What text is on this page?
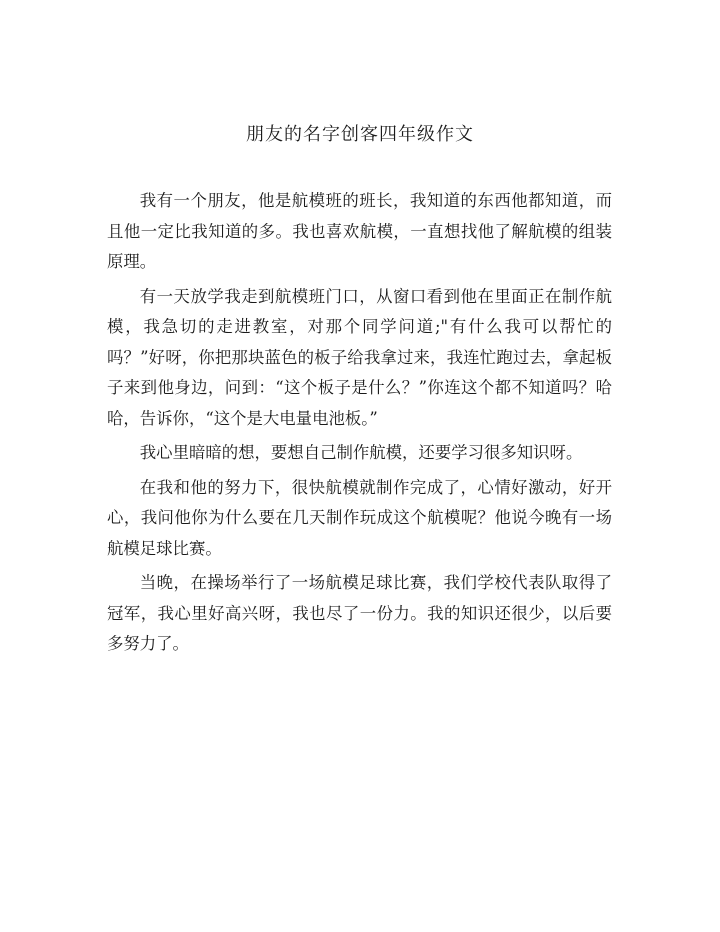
朋友的名字创客四年级作文

我有一个朋友，他是航模班的班长，我知道的东西他都知道，而且他一定比我知道的多。我也喜欢航模，一直想找他了解航模的组装原理。

有一天放学我走到航模班门口，从窗口看到他在里面正在制作航模，我急切的走进教室，对那个同学问道;"有什么我可以帮忙的吗？”好呀，你把那块蓝色的板子给我拿过来，我连忙跑过去，拿起板子来到他身边，问到：“这个板子是什么？”你连这个都不知道吗？哈哈，告诉你，“这个是大电量电池板。”

我心里暗暗的想，要想自己制作航模，还要学习很多知识呀。

在我和他的努力下，很快航模就制作完成了，心情好激动，好开心，我问他你为什么要在几天制作玩成这个航模呢？他说今晚有一场航模足球比赛。

当晚，在操场举行了一场航模足球比赛，我们学校代表队取得了冠军，我心里好高兴呀，我也尽了一份力。我的知识还很少，以后要多努力了。
